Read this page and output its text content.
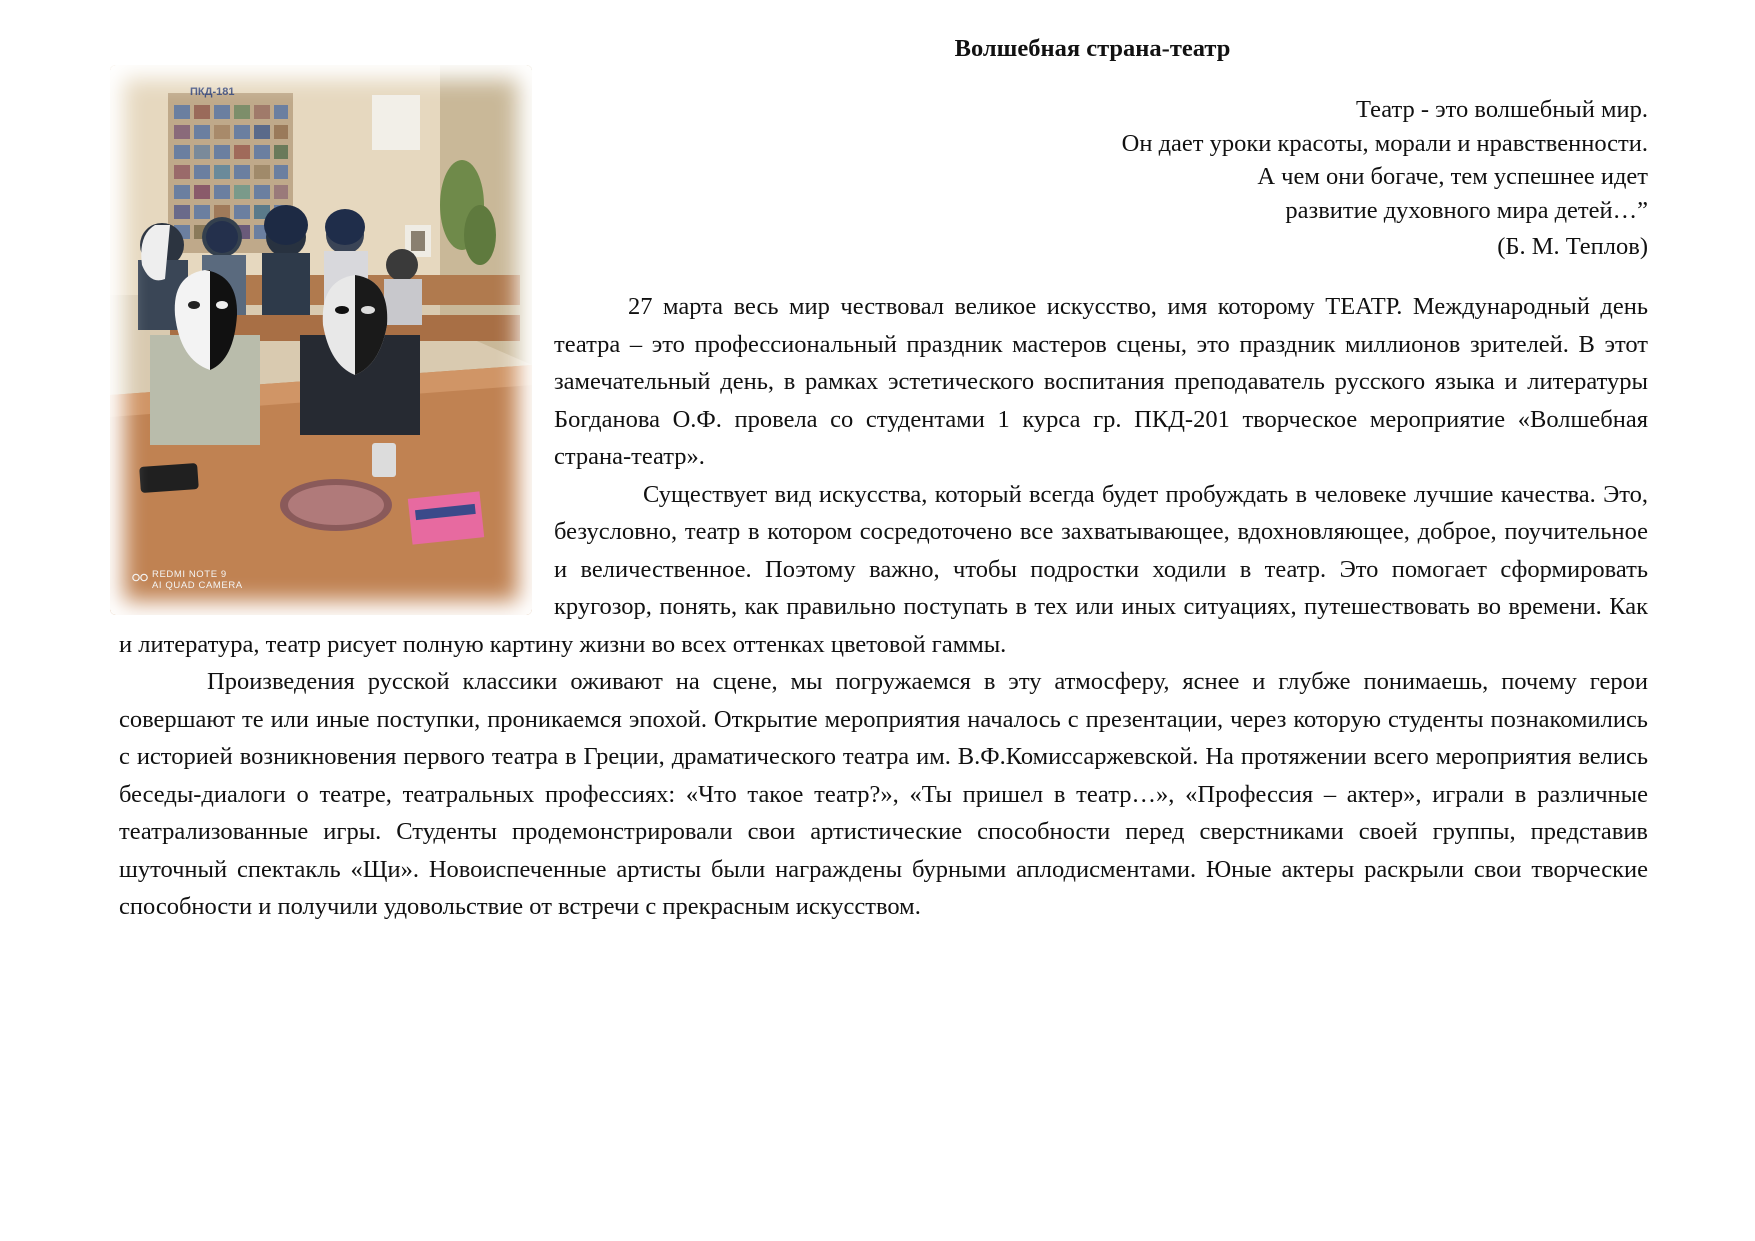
Волшебная страна-театр
Театр - это волшебный мир.
Он дает уроки красоты, морали и нравственности.
А чем они богаче, тем успешнее идет
развитие духовного мира детей…”
(Б. М. Теплов)
ПКД-181
REDMI NOTE 9
AI QUAD CAMERA

27 марта весь мир чествовал великое искусство, имя которому ТЕАТР. Международный день театра – это профессиональный праздник мастеров сцены, это праздник миллионов зрителей. В этот замечательный день, в рамках эстетического воспитания преподаватель русского языка и литературы Богданова О.Ф. провела со студентами 1 курса гр. ПКД-201 творческое мероприятие «Волшебная страна-театр».

Существует вид искусства, который всегда будет пробуждать в человеке лучшие качества. Это, безусловно, театр в котором сосредоточено все захватывающее, вдохновляющее, доброе, поучительное и величественное. Поэтому важно, чтобы подростки ходили в театр. Это помогает сформировать кругозор, понять, как правильно поступать в тех или иных ситуациях, путешествовать во времени. Как и литература, театр рисует полную картину жизни во всех оттенках цветовой гаммы.

Произведения русской классики оживают на сцене, мы погружаемся в эту атмосферу, яснее и глубже понимаешь, почему герои совершают те или иные поступки, проникаемся эпохой. Открытие мероприятия началось с презентации, через которую студенты познакомились с историей возникновения первого театра в Греции, драматического театра им. В.Ф.Комиссаржевской. На протяжении всего мероприятия велись беседы-диалоги о театре, театральных профессиях: «Что такое театр?», «Ты пришел в театр…», «Профессия – актер», играли в различные театрализованные игры. Студенты продемонстрировали свои артистические способности перед сверстниками своей группы, представив шуточный спектакль «Щи». Новоиспеченные артисты были награждены бурными аплодисментами. Юные актеры раскрыли свои творческие способности и получили удовольствие от встречи с прекрасным искусством.
